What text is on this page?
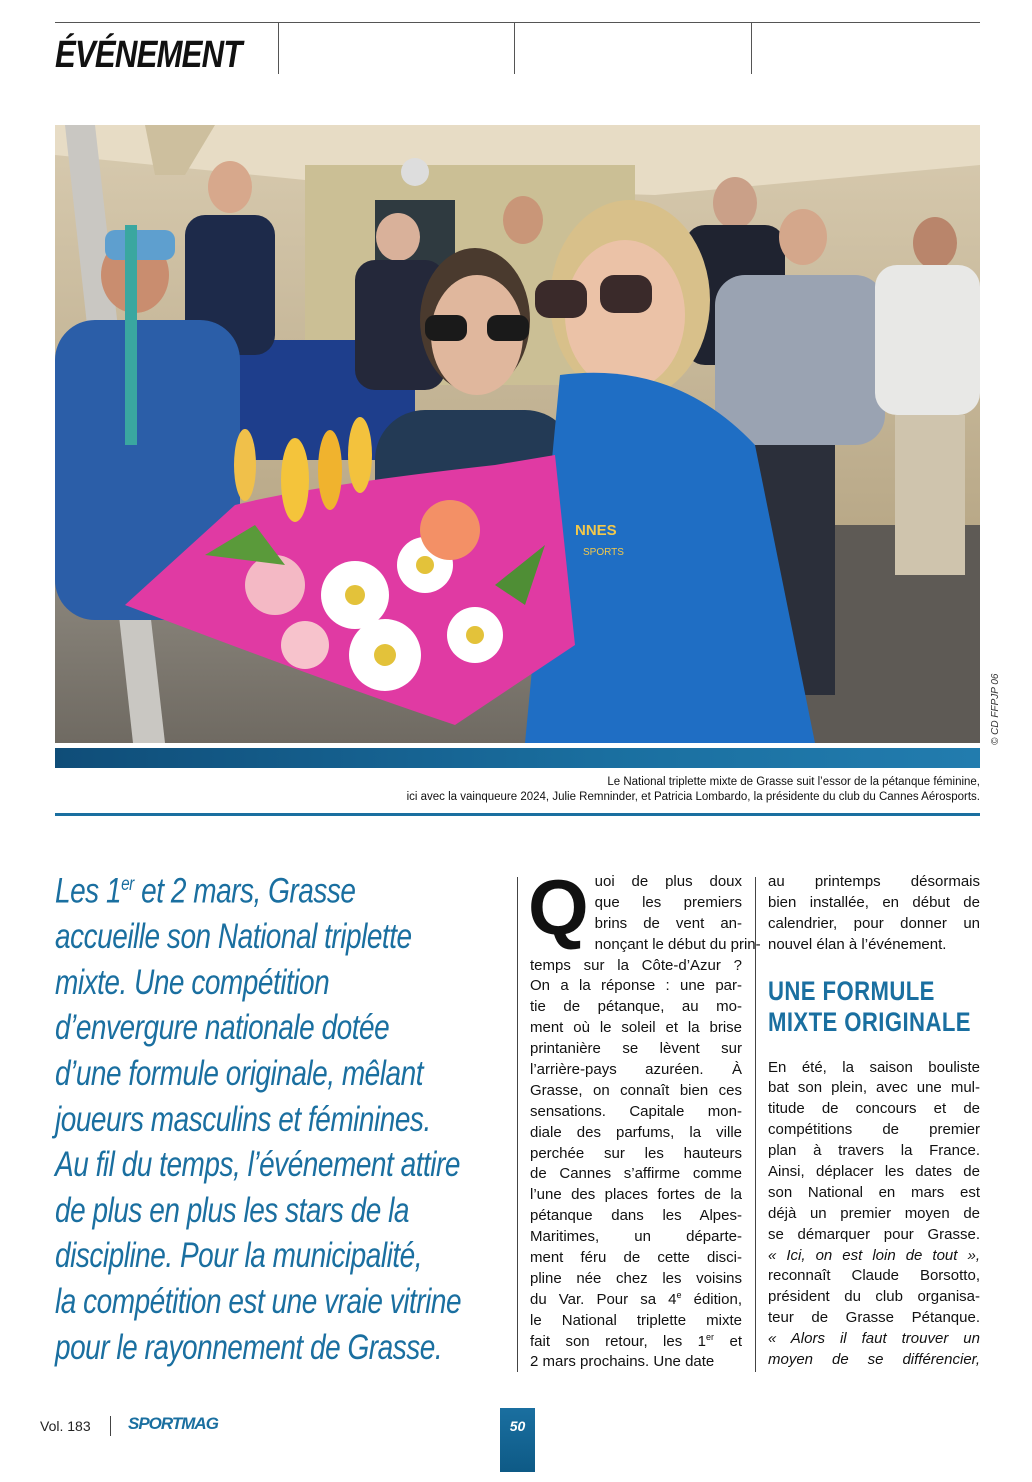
ÉVÉNEMENT
NNES
SPORTS
© CD FFPJP 06
Le National triplette mixte de Grasse suit l’essor de la pétanque féminine,
ici avec la vainqueure 2024, Julie Remninder, et Patricia Lombardo, la présidente du club du Cannes Aérosports.
Les 1er et 2 mars, Grasse
accueille son National triplette
mixte. Une compétition
d’envergure nationale dotée
d’une formule originale, mêlant
joueurs masculins et féminines.
Au fil du temps, l’événement attire
de plus en plus les stars de la
discipline. Pour la municipalité,
la compétition est une vraie vitrine
pour le rayonnement de Grasse.
Q uoi de plus doux
que les premiers
brins de vent an-
nonçant le début du prin-
temps sur la Côte-d’Azur ?
On a la réponse : une par-
tie de pétanque, au mo-
ment où le soleil et la brise
printanière se lèvent sur
l’arrière-pays azuréen. À
Grasse, on connaît bien ces
sensations. Capitale mon-
diale des parfums, la ville
perchée sur les hauteurs
de Cannes s’affirme comme
l’une des places fortes de la
pétanque dans les Alpes-
Maritimes, un départe-
ment féru de cette disci-
pline née chez les voisins
du Var. Pour sa 4e édition,
le National triplette mixte
fait son retour, les 1er et
2 mars prochains. Une date
au printemps désormais
bien installée, en début de
calendrier, pour donner un
nouvel élan à l’événement.
UNE FORMULE
MIXTE ORIGINALE
En été, la saison bouliste
bat son plein, avec une mul-
titude de concours et de
compétitions de premier
plan à travers la France.
Ainsi, déplacer les dates de
son National en mars est
déjà un premier moyen de
se démarquer pour Grasse.
« Ici, on est loin de tout »,
reconnaît Claude Borsotto,
président du club organisa-
teur de Grasse Pétanque.
« Alors il faut trouver un
moyen de se différencier,
Vol. 183 SPORTMAG	50
